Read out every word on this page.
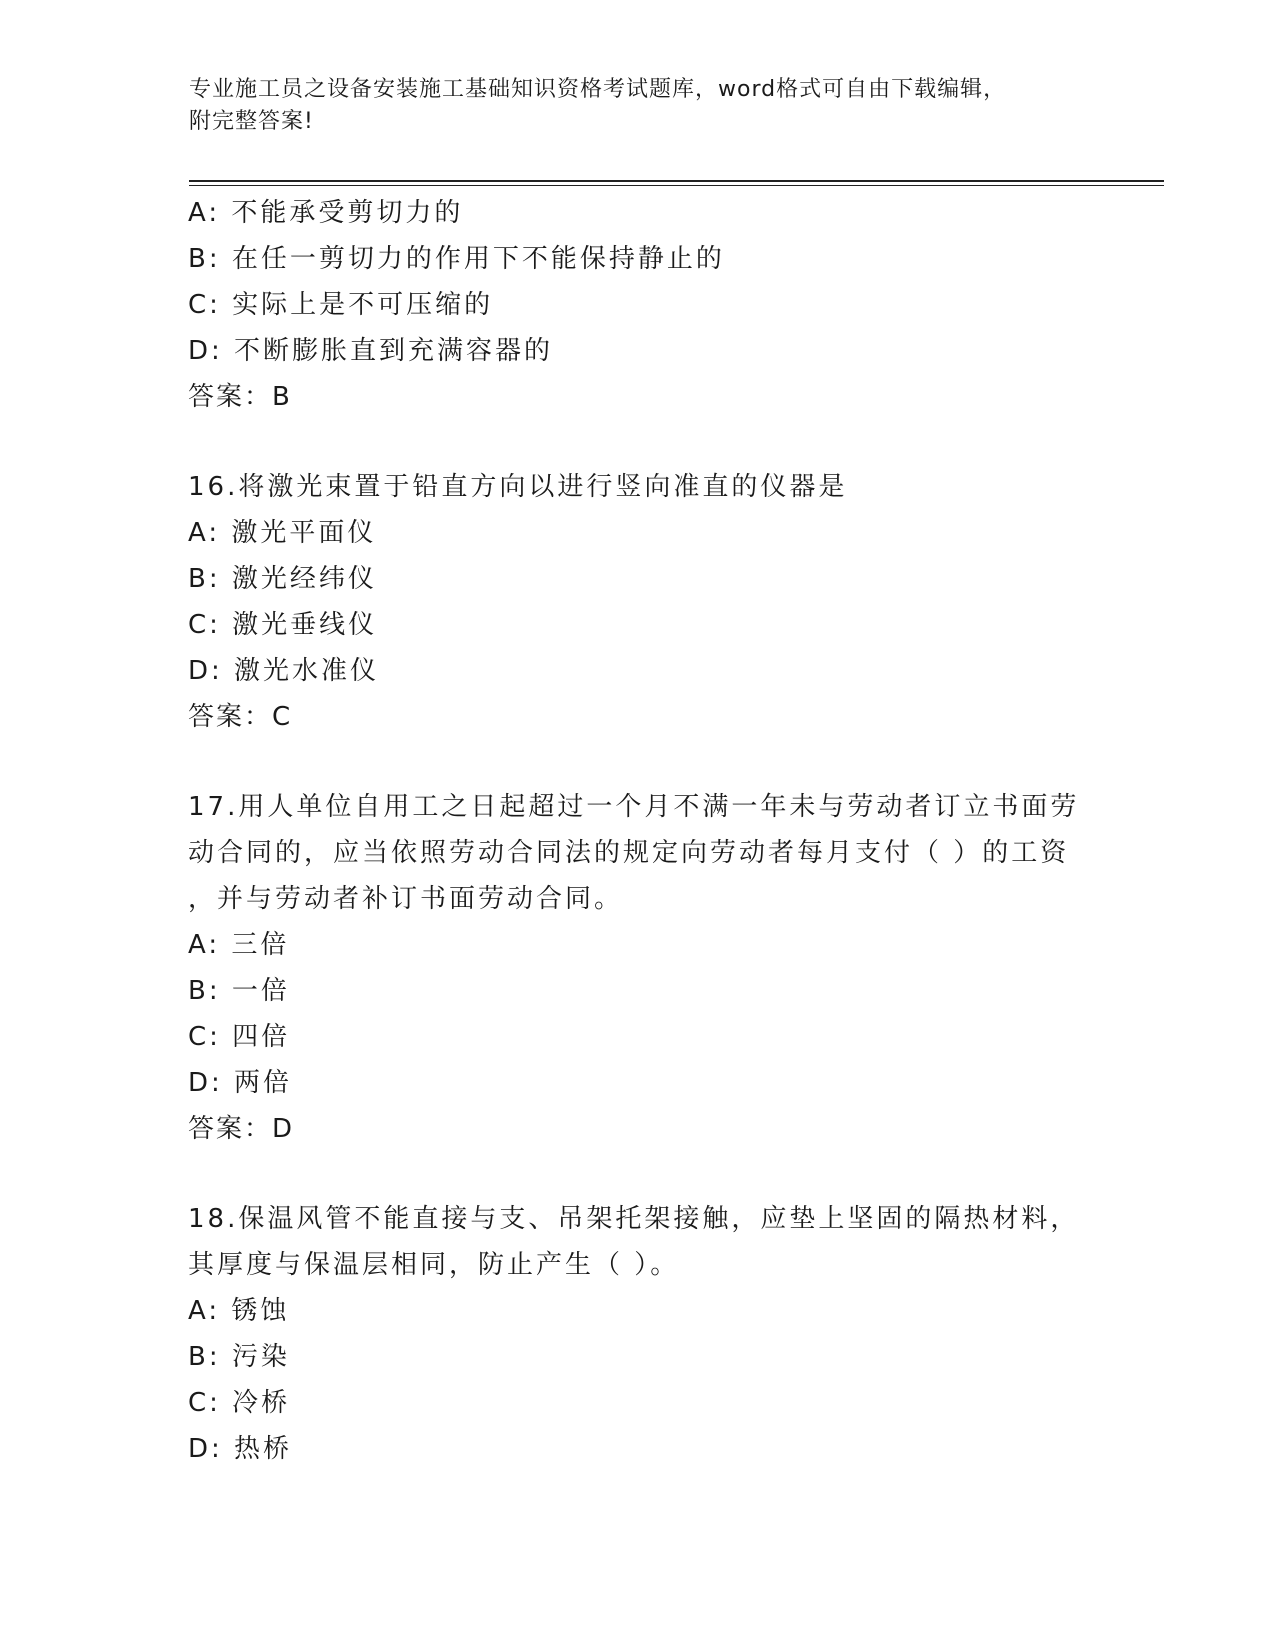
专业施工员之设备安装施工基础知识资格考试题库，word格式可自由下载编辑，
附完整答案!
A: 不能承受剪切力的
B: 在任一剪切力的作用下不能保持静止的
C: 实际上是不可压缩的
D: 不断膨胀直到充满容器的
答案：B
16.将激光束置于铅直方向以进行竖向准直的仪器是
A: 激光平面仪
B: 激光经纬仪
C: 激光垂线仪
D: 激光水准仪
答案：C
17.用人单位自用工之日起超过一个月不满一年未与劳动者订立书面劳
动合同的，应当依照劳动合同法的规定向劳动者每月支付（ ）的工资
，并与劳动者补订书面劳动合同。
A: 三倍
B: 一倍
C: 四倍
D: 两倍
答案：D
18.保温风管不能直接与支、吊架托架接触，应垫上坚固的隔热材料，
其厚度与保温层相同，防止产生（ ）。
A: 锈蚀
B: 污染
C: 冷桥
D: 热桥
